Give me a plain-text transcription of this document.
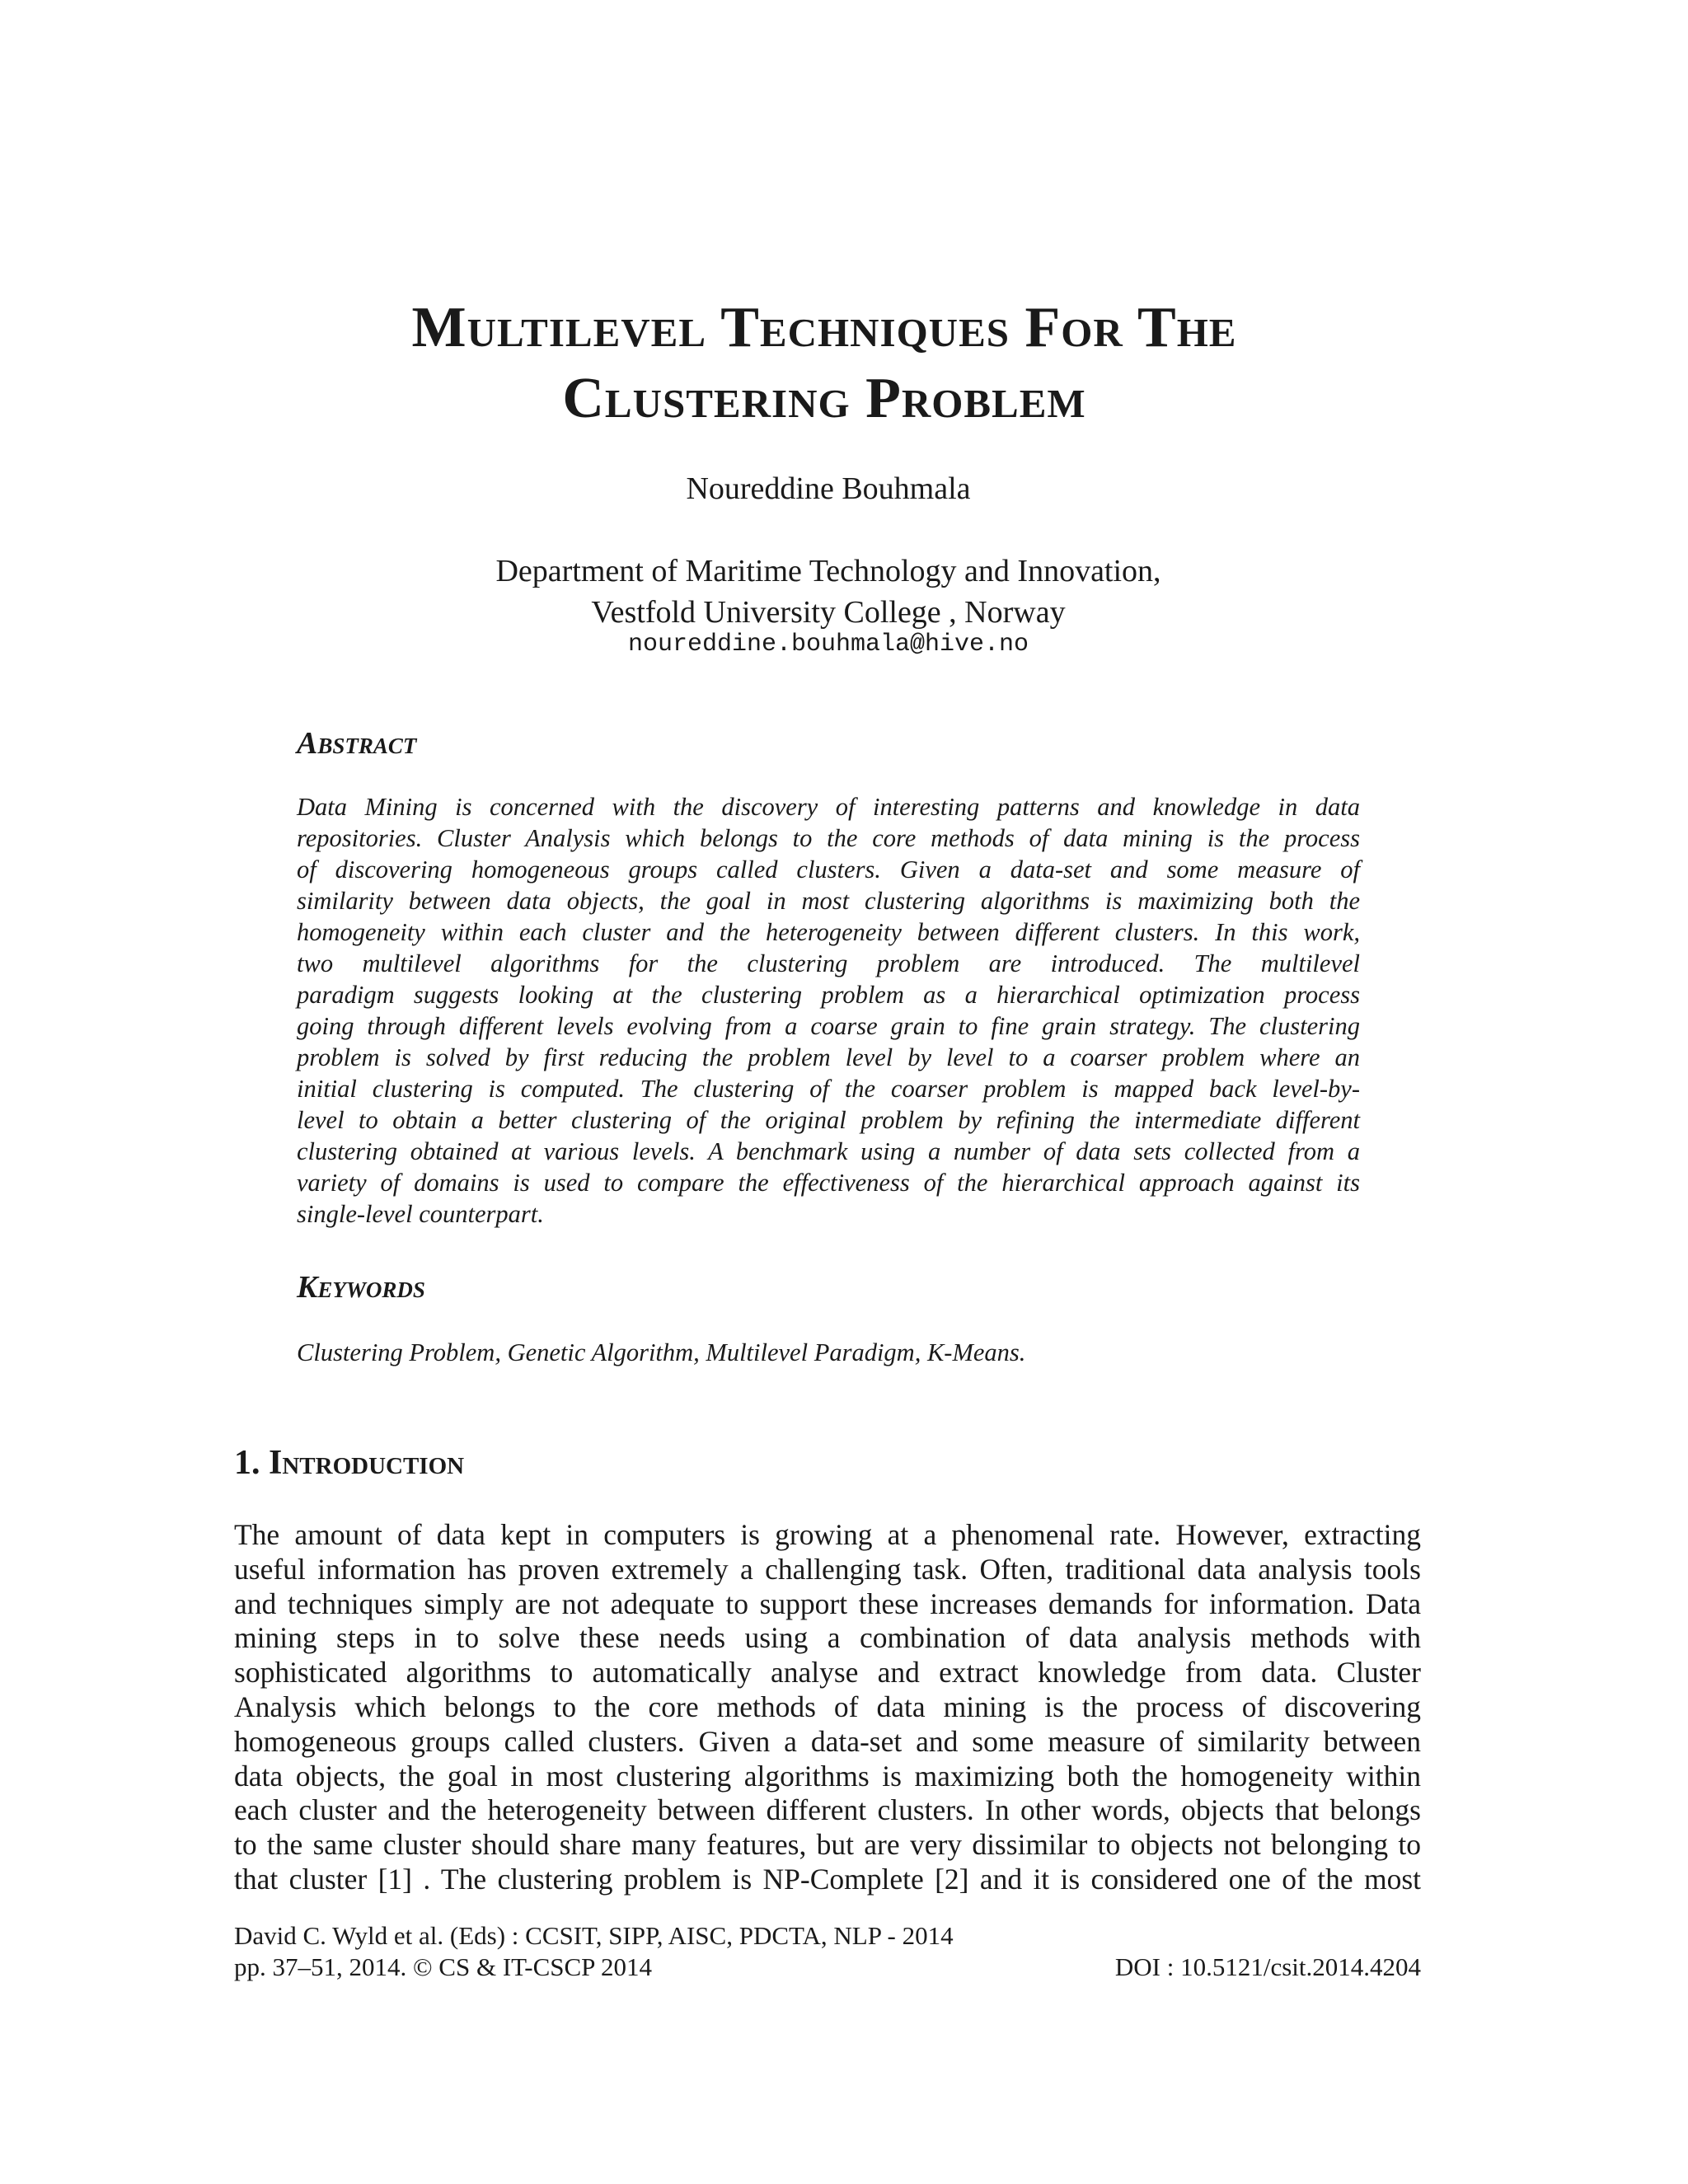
Multilevel Techniques For The
Clustering Problem
Noureddine Bouhmala
Department of Maritime Technology and Innovation,
Vestfold University College , Norway
noureddine.bouhmala@hive.no
Abstract
Data Mining is concerned with the discovery of interesting patterns and knowledge in data
repositories. Cluster Analysis which belongs to the core methods of data mining is the process
of discovering homogeneous groups called clusters. Given a data-set and some measure of
similarity between data objects, the goal in most clustering algorithms is maximizing both the
homogeneity within each cluster and the heterogeneity between different clusters. In this work,
two multilevel algorithms for the clustering problem are introduced. The multilevel
paradigm suggests looking at the clustering problem as a hierarchical optimization process
going through different levels evolving from a coarse grain to fine grain strategy. The clustering
problem is solved by first reducing the problem level by level to a coarser problem where an
initial clustering is computed. The clustering of the coarser problem is mapped back level-by-
level to obtain a better clustering of the original problem by refining the intermediate different
clustering obtained at various levels. A benchmark using a number of data sets collected from a
variety of domains is used to compare the effectiveness of the hierarchical approach against its
single-level counterpart.
Keywords
Clustering Problem, Genetic Algorithm, Multilevel Paradigm, K-Means.
1. Introduction
The amount of data kept in computers is growing at a phenomenal rate. However, extracting
useful information has proven extremely a challenging task. Often, traditional data analysis tools
and techniques simply are not adequate to support these increases demands for information. Data
mining steps in to solve these needs using a combination of data analysis methods with
sophisticated algorithms to automatically analyse and extract knowledge from data. Cluster
Analysis which belongs to the core methods of data mining is the process of discovering
homogeneous groups called clusters. Given a data-set and some measure of similarity between
data objects, the goal in most clustering algorithms is maximizing both the homogeneity within
each cluster and the heterogeneity between different clusters. In other words, objects that belongs
to the same cluster should share many features, but are very dissimilar to objects not belonging to
that cluster [1] . The clustering problem is NP-Complete [2] and it is considered one of the most
David C. Wyld et al. (Eds) : CCSIT, SIPP, AISC, PDCTA, NLP - 2014
pp. 37–51, 2014. © CS & IT-CSCP 2014	DOI : 10.5121/csit.2014.4204
